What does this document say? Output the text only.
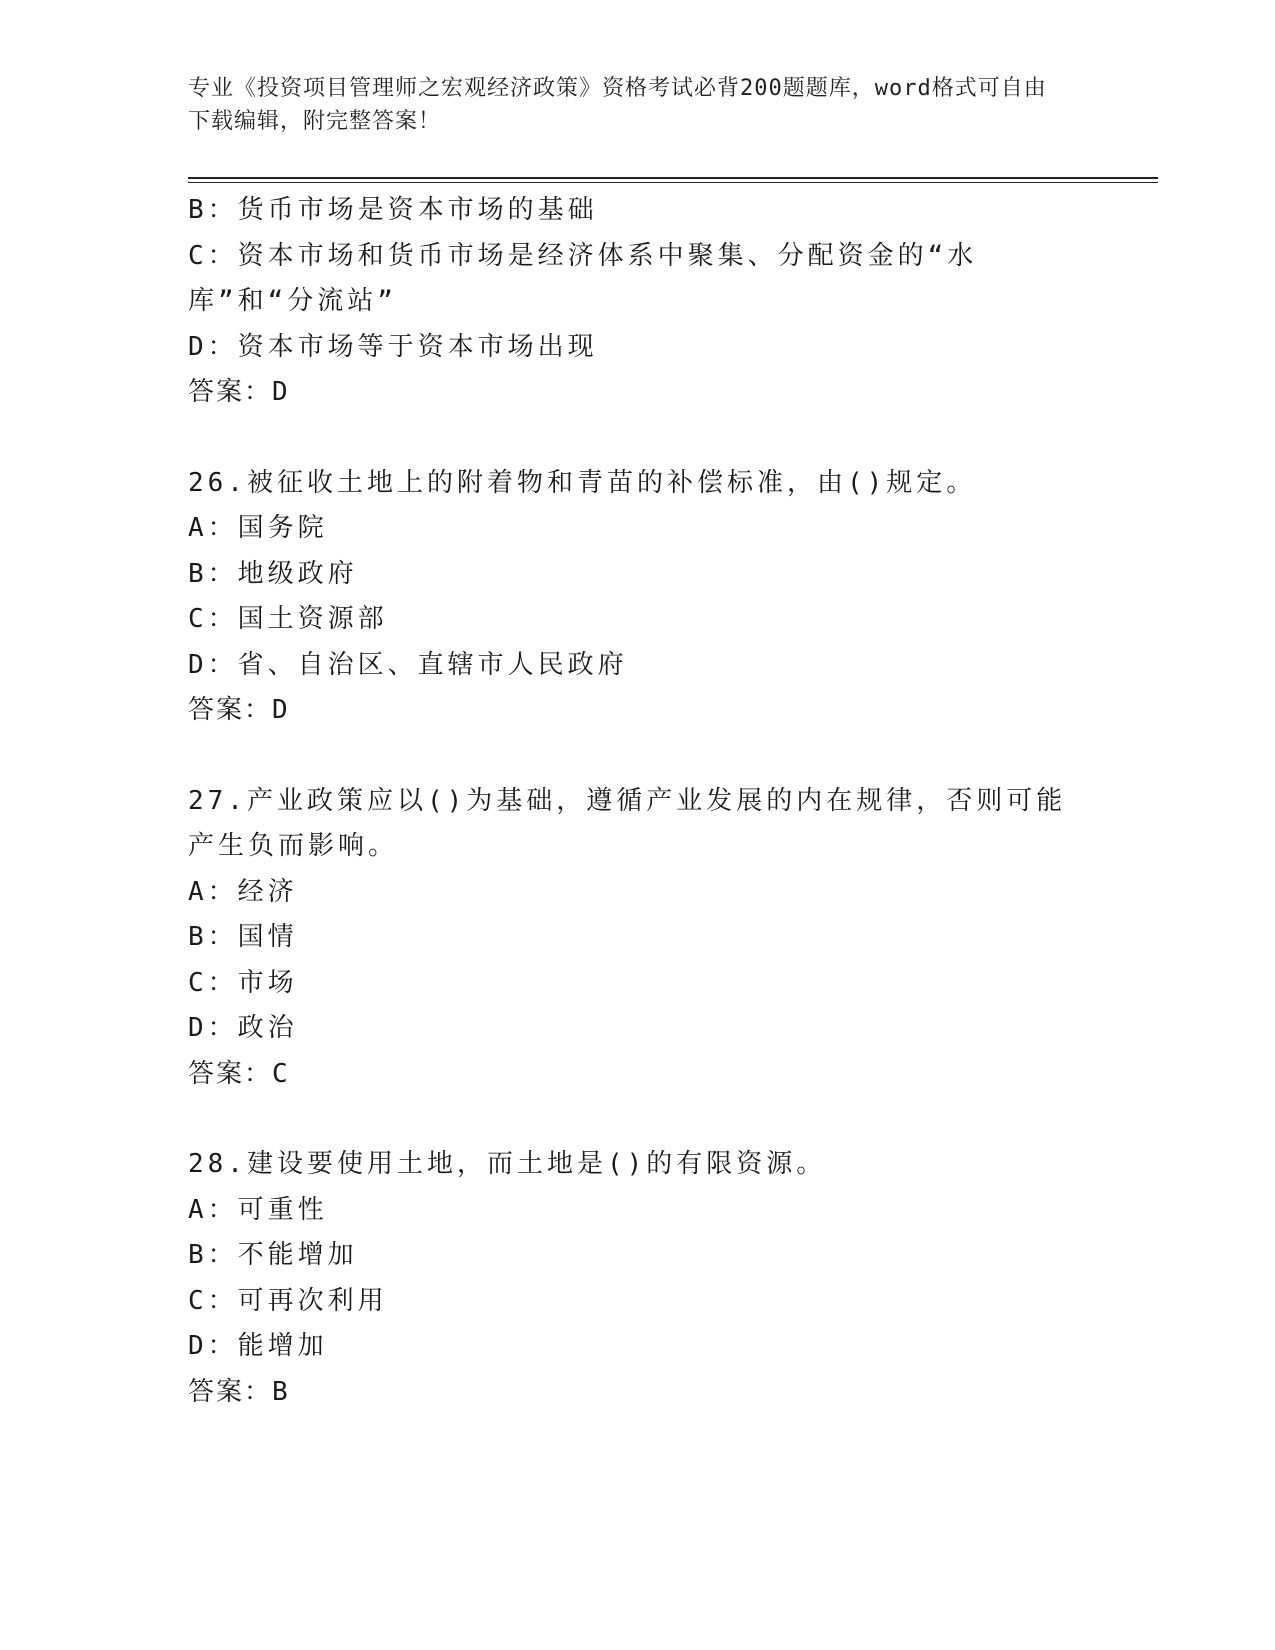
专业《投资项目管理师之宏观经济政策》资格考试必背200题题库，word格式可自由下载编辑，附完整答案！

B：货币市场是资本市场的基础

C：资本市场和货币市场是经济体系中聚集、分配资金的“水库”和“分流站”

D：资本市场等于资本市场出现

答案：D

26.被征收土地上的附着物和青苗的补偿标准，由()规定。

A：国务院

B：地级政府

C：国土资源部

D：省、自治区、直辖市人民政府

答案：D

27.产业政策应以()为基础，遵循产业发展的内在规律，否则可能产生负而影响。

A：经济

B：国情

C：市场

D：政治

答案：C

28.建设要使用土地，而土地是()的有限资源。

A：可重性

B：不能增加

C：可再次利用

D：能增加

答案：B
